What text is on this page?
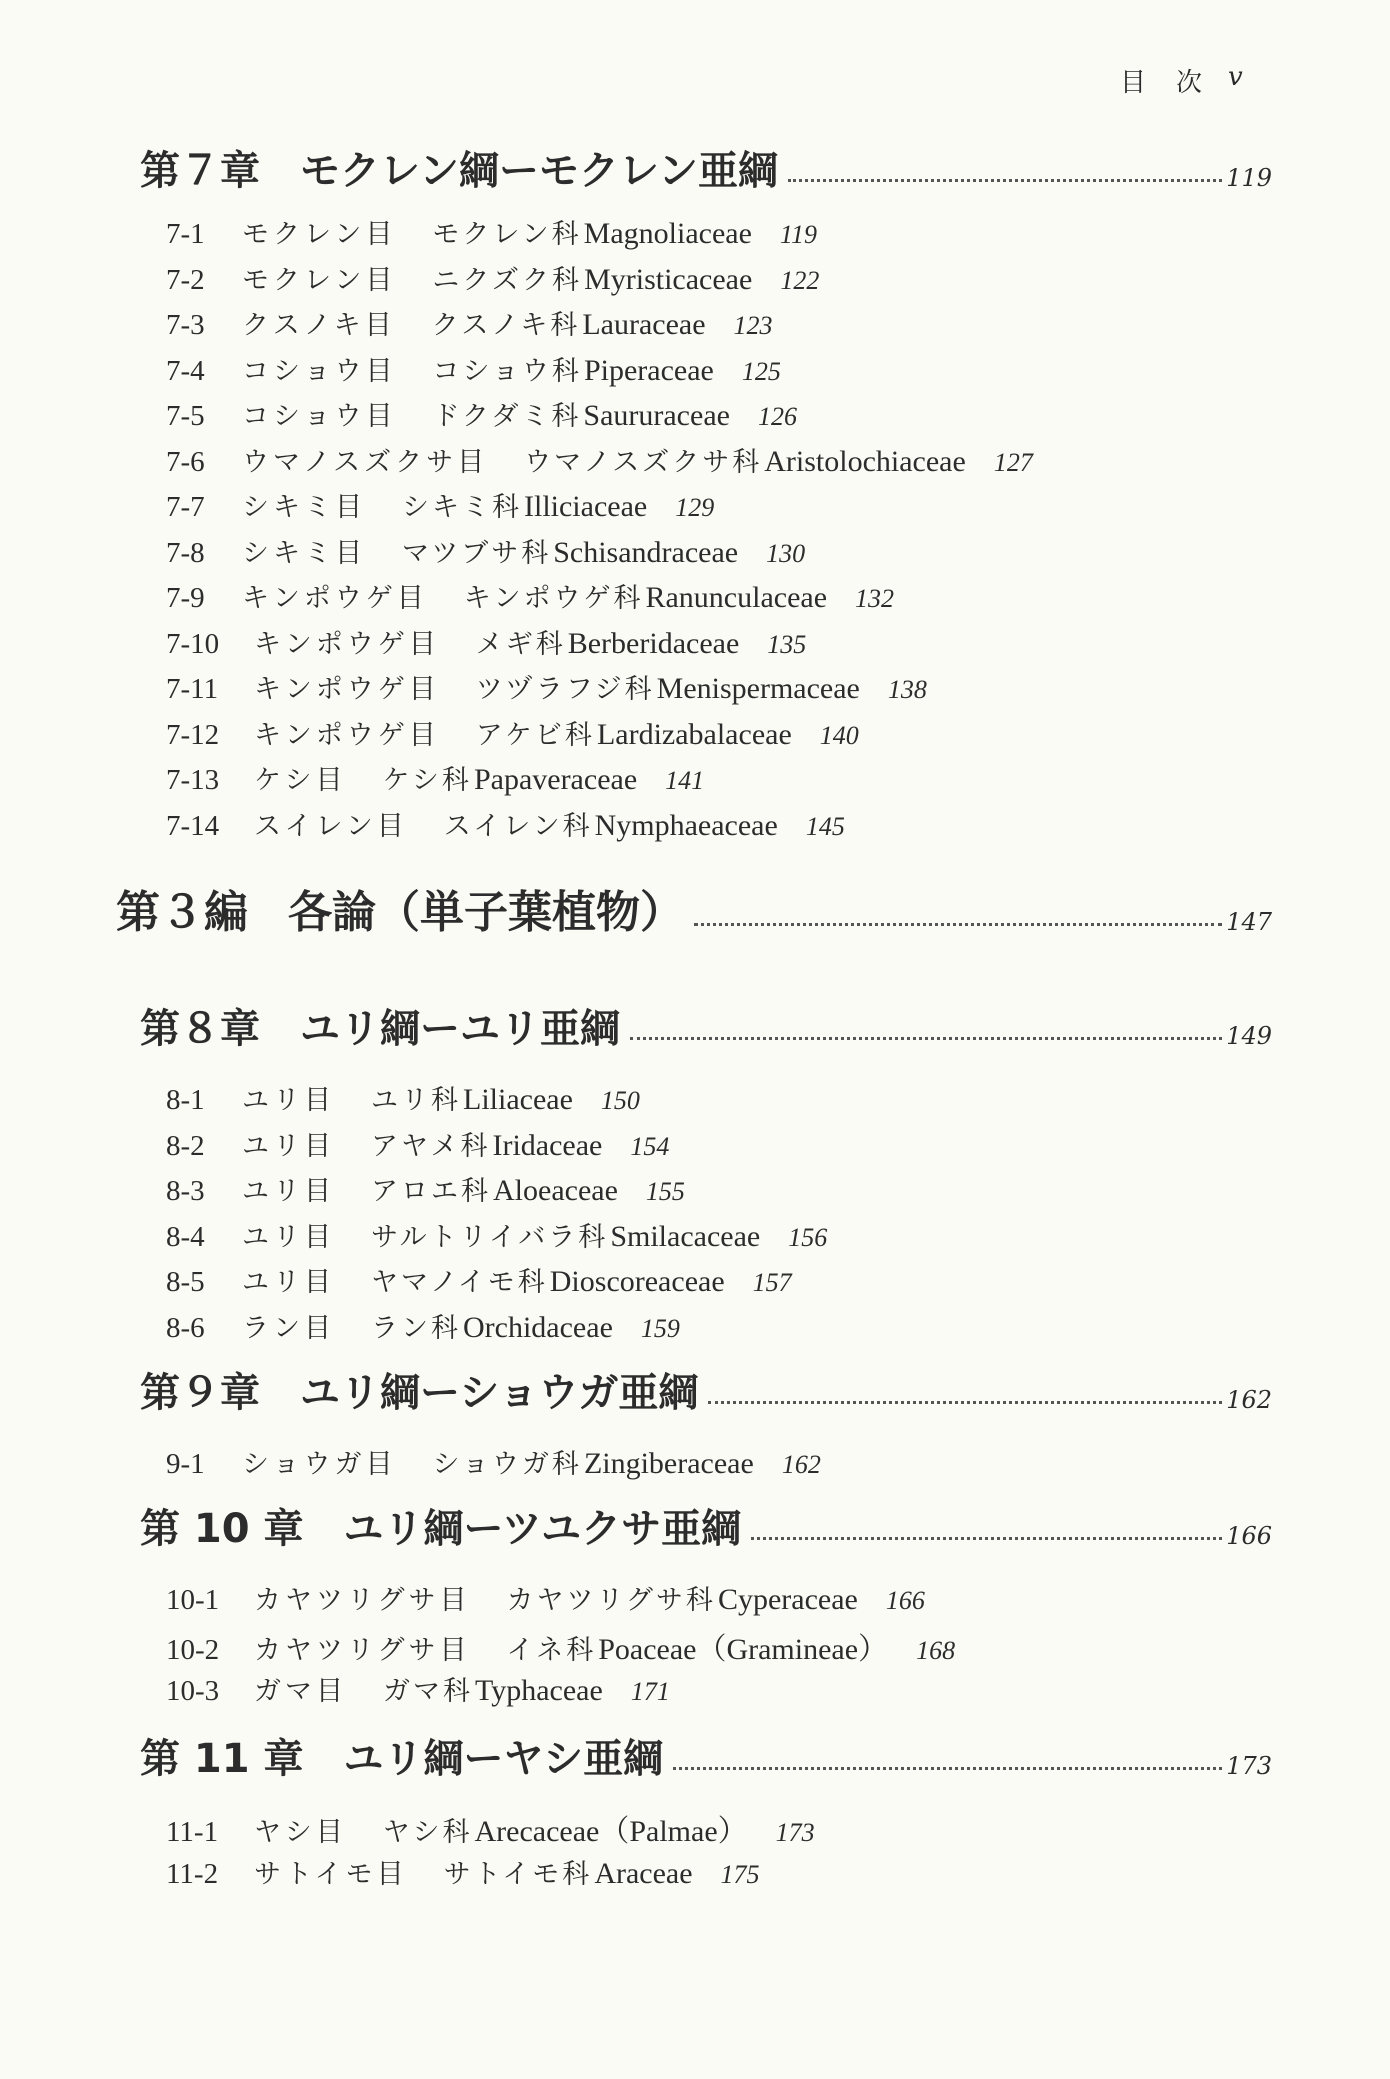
目　次 v
第７章 モクレン綱ーモクレン亜綱	119
7-1	モクレン目 モクレン科 Magnoliaceae 119
7-2	モクレン目 ニクズク科 Myristicaceae 122
7-3	クスノキ目 クスノキ科 Lauraceae 123
7-4	コショウ目 コショウ科 Piperaceae 125
7-5	コショウ目 ドクダミ科 Saururaceae 126
7-6	ウマノスズクサ目 ウマノスズクサ科 Aristolochiaceae 127
7-7	シキミ目 シキミ科 Illiciaceae 129
7-8	シキミ目 マツブサ科 Schisandraceae 130
7-9	キンポウゲ目 キンポウゲ科 Ranunculaceae 132
7-10	キンポウゲ目 メギ科 Berberidaceae 135
7-11	キンポウゲ目 ツヅラフジ科 Menispermaceae 138
7-12	キンポウゲ目 アケビ科 Lardizabalaceae 140
7-13	ケシ目 ケシ科 Papaveraceae 141
7-14	スイレン目 スイレン科 Nymphaeaceae 145
第３編 各論（単子葉植物）	147
第８章 ユリ綱ーユリ亜綱	149
8-1	ユリ目 ユリ科 Liliaceae 150
8-2	ユリ目 アヤメ科 Iridaceae 154
8-3	ユリ目 アロエ科 Aloeaceae 155
8-4	ユリ目 サルトリイバラ科 Smilacaceae 156
8-5	ユリ目 ヤマノイモ科 Dioscoreaceae 157
8-6	ラン目 ラン科 Orchidaceae 159
第９章 ユリ綱ーショウガ亜綱	162
9-1	ショウガ目 ショウガ科 Zingiberaceae 162
第 10 章 ユリ綱ーツユクサ亜綱	166
10-1	カヤツリグサ目 カヤツリグサ科 Cyperaceae 166
10-2	カヤツリグサ目 イネ科 Poaceae（Gramineae） 168
10-3	ガマ目 ガマ科 Typhaceae 171
第 11 章 ユリ綱ーヤシ亜綱	173
11-1	ヤシ目 ヤシ科 Arecaceae（Palmae） 173
11-2	サトイモ目 サトイモ科 Araceae 175
